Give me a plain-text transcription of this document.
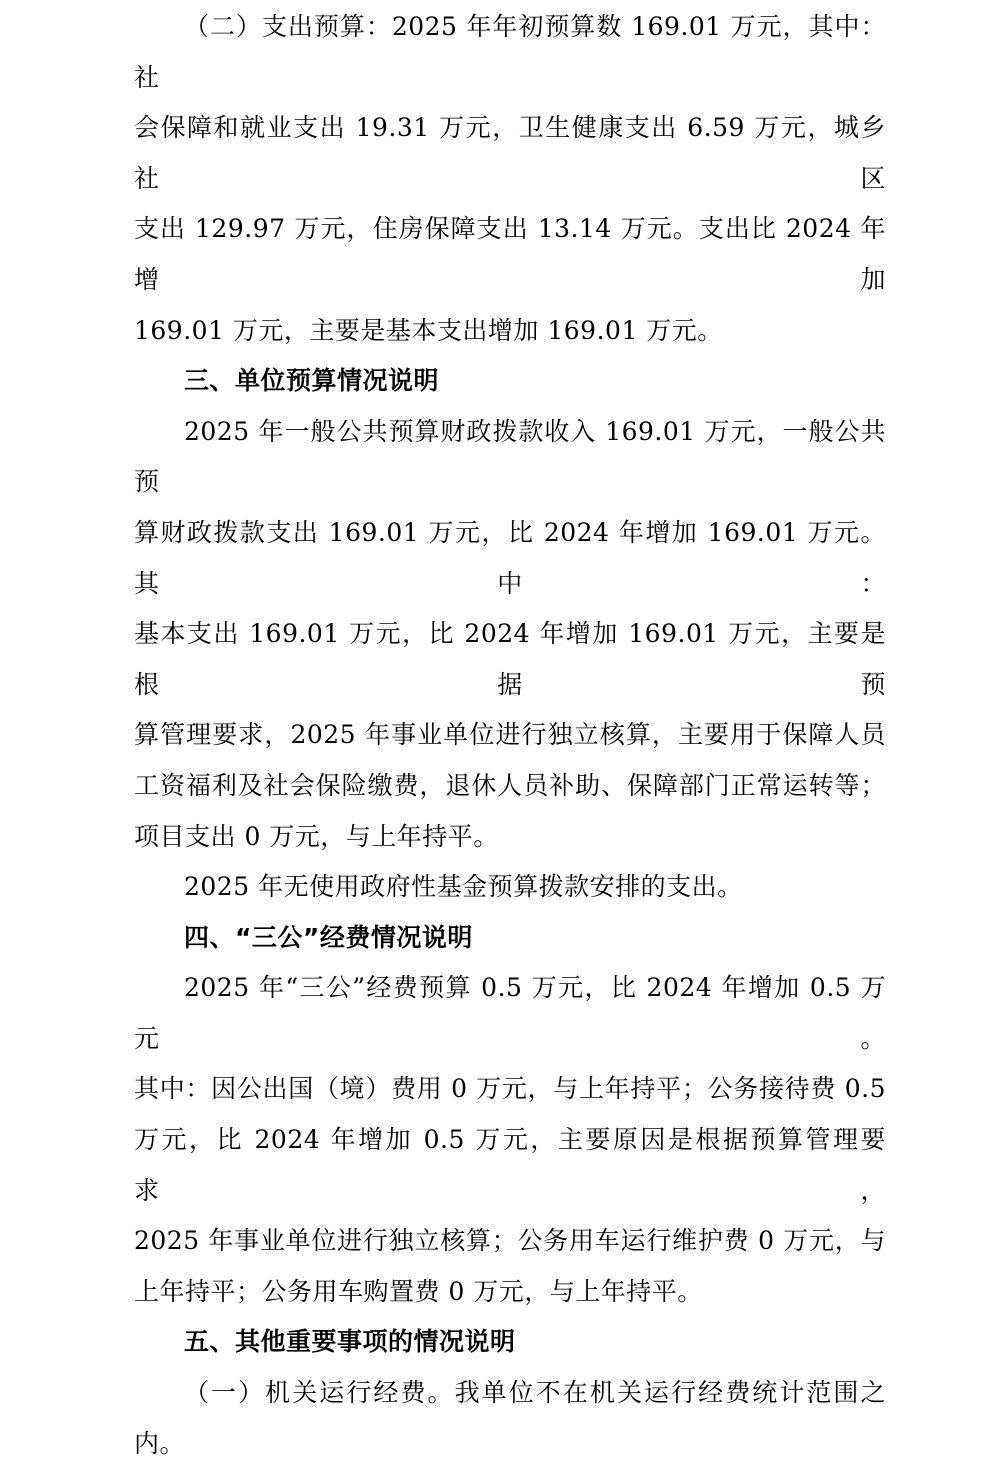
（二）支出预算：2025 年年初预算数 169.01 万元，其中：社

会保障和就业支出 19.31 万元，卫生健康支出 6.59 万元，城乡社区

支出 129.97 万元，住房保障支出 13.14 万元。支出比 2024 年增加

169.01 万元，主要是基本支出增加 169.01 万元。

三、单位预算情况说明

2025 年一般公共预算财政拨款收入 169.01 万元，一般公共预

算财政拨款支出 169.01 万元，比 2024 年增加 169.01 万元。其中：

基本支出 169.01 万元，比 2024 年增加 169.01 万元，主要是根据预

算管理要求，2025 年事业单位进行独立核算，主要用于保障人员

工资福利及社会保险缴费，退休人员补助、保障部门正常运转等；

项目支出 0 万元，与上年持平。

2025 年无使用政府性基金预算拨款安排的支出。

四、“三公”经费情况说明

2025 年“三公”经费预算 0.5 万元，比 2024 年增加 0.5 万元。

其中：因公出国（境）费用 0 万元，与上年持平；公务接待费 0.5

万元，比 2024 年增加 0.5 万元，主要原因是根据预算管理要求，

2025 年事业单位进行独立核算；公务用车运行维护费 0 万元，与

上年持平；公务用车购置费 0 万元，与上年持平。

五、其他重要事项的情况说明

（一）机关运行经费。我单位不在机关运行经费统计范围之

内。
